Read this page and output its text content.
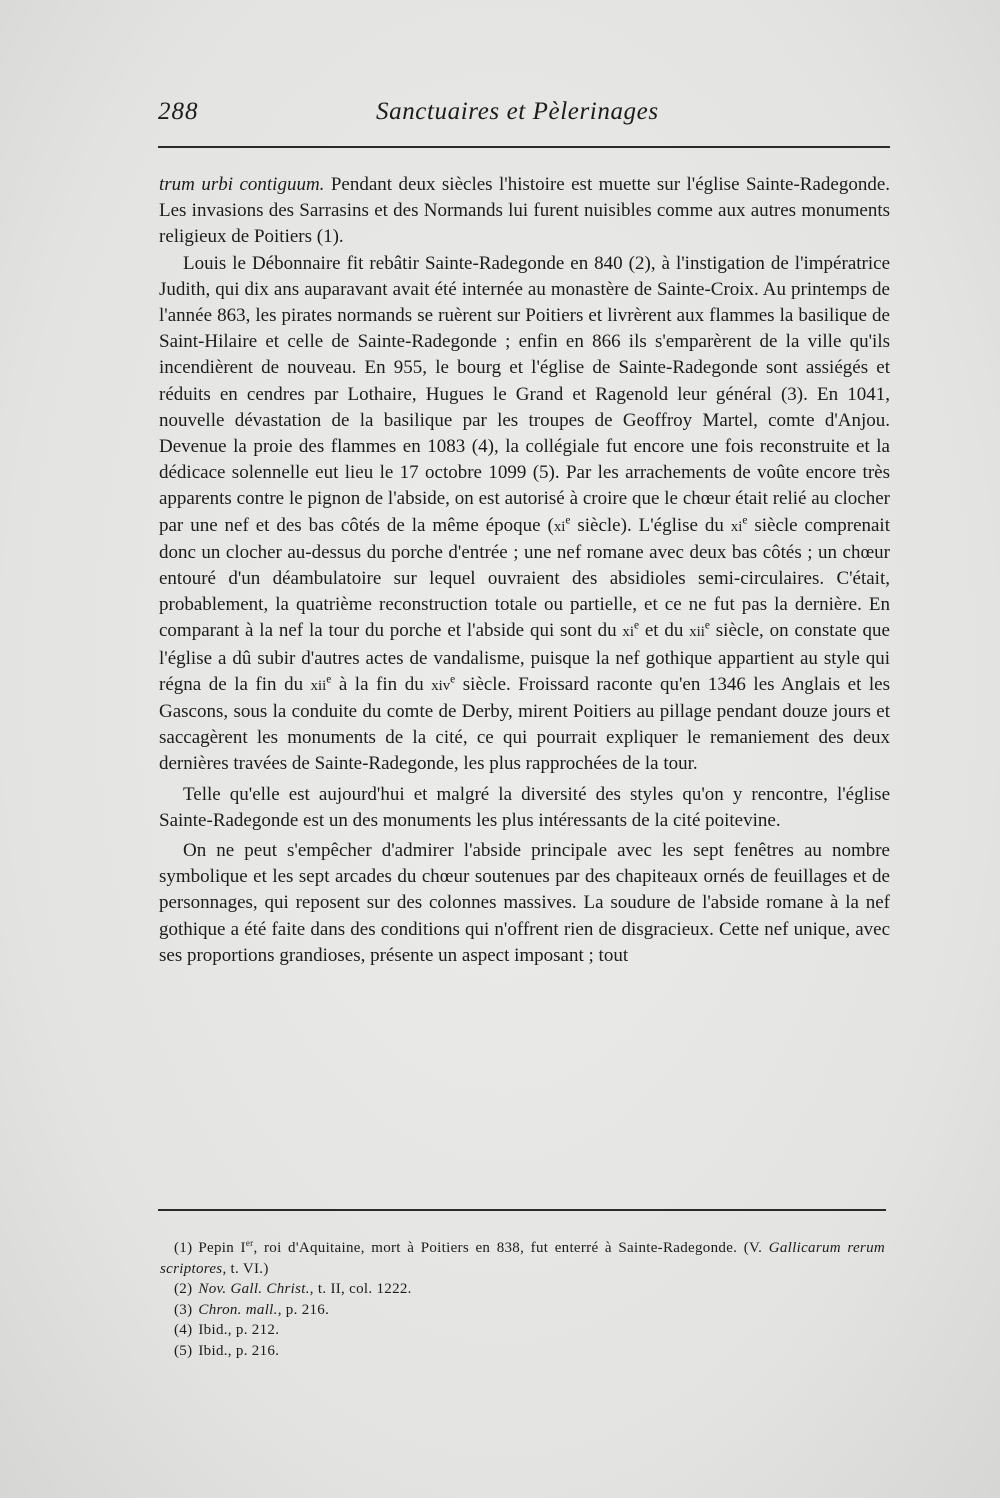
288	Sanctuaires et Pèlerinages

trum urbi contiguum. Pendant deux siècles l'histoire est muette sur l'église Sainte-Radegonde. Les invasions des Sarrasins et des Normands lui furent nuisibles comme aux autres monuments religieux de Poitiers (1).

Louis le Débonnaire fit rebâtir Sainte-Radegonde en 840 (2), à l'instigation de l'impératrice Judith, qui dix ans auparavant avait été internée au monastère de Sainte-Croix. Au printemps de l'année 863, les pirates normands se ruèrent sur Poitiers et livrèrent aux flammes la basilique de Saint-Hilaire et celle de Sainte-Radegonde ; enfin en 866 ils s'emparèrent de la ville qu'ils incendièrent de nouveau. En 955, le bourg et l'église de Sainte-Radegonde sont assiégés et réduits en cendres par Lothaire, Hugues le Grand et Ragenold leur général (3). En 1041, nouvelle dévastation de la basilique par les troupes de Geoffroy Martel, comte d'Anjou. Devenue la proie des flammes en 1083 (4), la collégiale fut encore une fois reconstruite et la dédicace solennelle eut lieu le 17 octobre 1099 (5). Par les arrachements de voûte encore très apparents contre le pignon de l'abside, on est autorisé à croire que le chœur était relié au clocher par une nef et des bas côtés de la même époque ($xi^e$ siècle). L'église du $xi^e$ siècle comprenait donc un clocher au-dessus du porche d'entrée ; une nef romane avec deux bas côtés ; un chœur entouré d'un déambulatoire sur lequel ouvraient des absidioles semi-circulaires. C'était, probablement, la quatrième reconstruction totale ou partielle, et ce ne fut pas la dernière. En comparant à la nef la tour du porche et l'abside qui sont du $xi^e$ et du xii$^e$ siècle, on constate que l'église a dû subir d'autres actes de vandalisme, puisque la nef gothique appartient au style qui régna de la fin du xii$^e$ à la fin du xiv$^e$ siècle. Froissard raconte qu'en 1346 les Anglais et les Gascons, sous la conduite du comte de Derby, mirent Poitiers au pillage pendant douze jours et saccagèrent les monuments de la cité, ce qui pourrait expliquer le remaniement des deux dernières travées de Sainte-Radegonde, les plus rapprochées de la tour.

Telle qu'elle est aujourd'hui et malgré la diversité des styles qu'on y rencontre, l'église Sainte-Radegonde est un des monuments les plus intéressants de la cité poitevine.

On ne peut s'empêcher d'admirer l'abside principale avec les sept fenêtres au nombre symbolique et les sept arcades du chœur soutenues par des chapiteaux ornés de feuillages et de personnages, qui reposent sur des colonnes massives. La soudure de l'abside romane à la nef gothique a été faite dans des conditions qui n'offrent rien de disgracieux. Cette nef unique, avec ses proportions grandioses, présente un aspect imposant ; tout

(1) Pepin Ier, roi d'Aquitaine, mort à Poitiers en 838, fut enterré à Sainte-Radegonde. (V. Gallicarum rerum scriptores, t. VI.)

(2) Nov. Gall. Christ., t. II, col. 1222.

(3) Chron. mall., p. 216.

(4) Ibid., p. 212.

(5) Ibid., p. 216.
